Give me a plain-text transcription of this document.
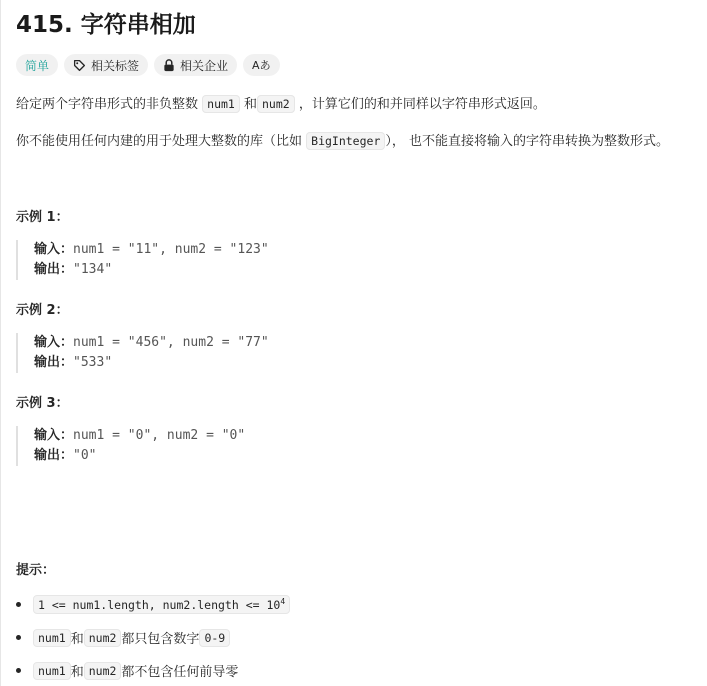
415. 字符串相加
简单	相关标签	相关企业 Aあ
给定两个字符串形式的非负整数 num1 和 num2 ，计算它们的和并同样以字符串形式返回。
你不能使用任何内建的用于处理大整数的库（比如 BigInteger ）， 也不能直接将输入的字符串转换为整数形式。
示例 1：
输入：num1 = "11", num2 = "123"
输出："134"
示例 2：
输入：num1 = "456", num2 = "77"
输出："533"
示例 3：
输入：num1 = "0", num2 = "0"
输出："0"
提示：
1 <= num1.length, num2.length <= $10^4$
num1 和 num2 都只包含数字 0-9
num1 和 num2 都不包含任何前导零
